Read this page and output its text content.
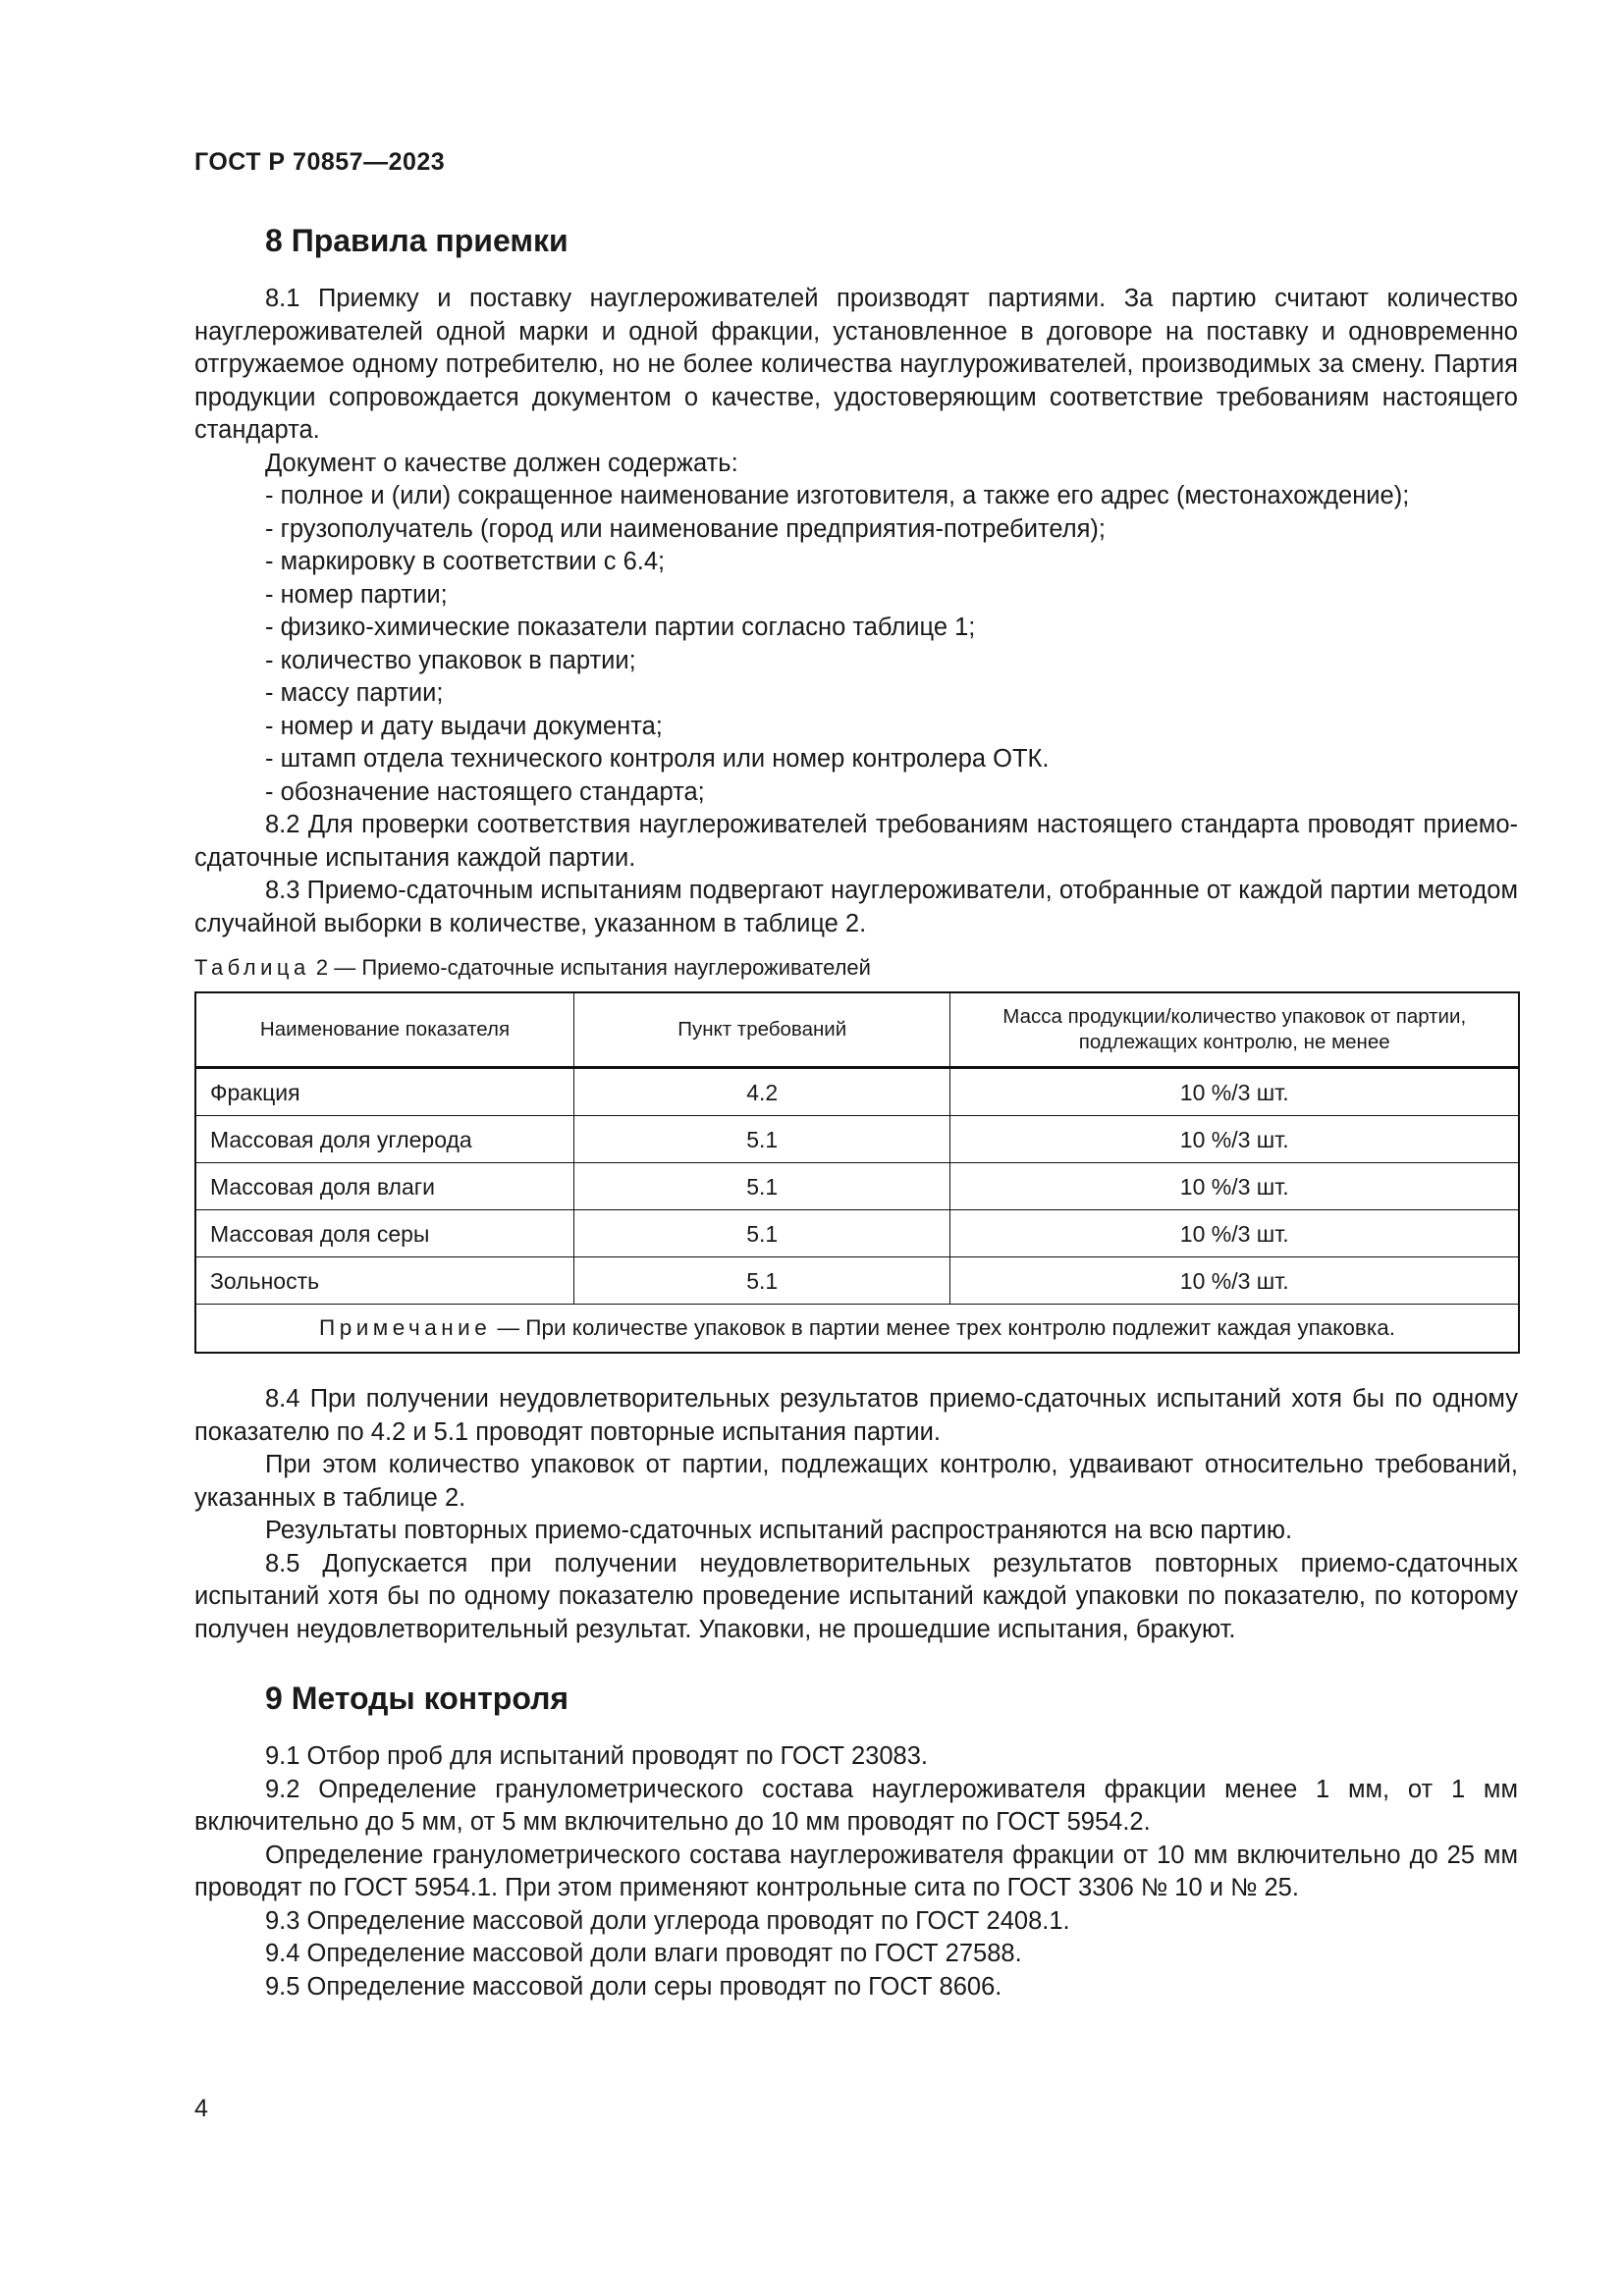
ГОСТ Р 70857—2023
8 Правила приемки

8.1 Приемку и поставку науглероживателей производят партиями. За партию считают количество науглероживателей одной марки и одной фракции, установленное в договоре на поставку и одновременно отгружаемое одному потребителю, но не более количества науглуроживателей, производимых за смену. Партия продукции сопровождается документом о качестве, удостоверяющим соответствие требованиям настоящего стандарта.

Документ о качестве должен содержать:

- полное и (или) сокращенное наименование изготовителя, а также его адрес (местонахождение);

- грузополучатель (город или наименование предприятия-потребителя);

- маркировку в соответствии с 6.4;

- номер партии;

- физико-химические показатели партии согласно таблице 1;

- количество упаковок в партии;

- массу партии;

- номер и дату выдачи документа;

- штамп отдела технического контроля или номер контролера ОТК.

- обозначение настоящего стандарта;

8.2 Для проверки соответствия науглероживателей требованиям настоящего стандарта проводят приемо-сдаточные испытания каждой партии.

8.3 Приемо-сдаточным испытаниям подвергают науглероживатели, отобранные от каждой партии методом случайной выборки в количестве, указанном в таблице 2.

Таблица 2 — Приемо-сдаточные испытания науглероживателей
Наименование показателя	Пункт требований	Масса продукции/количество упаковок от партии, подлежащих контролю, не менее
Фракция	4.2	10 %/3 шт.
Массовая доля углерода	5.1	10 %/3 шт.
Массовая доля влаги	5.1	10 %/3 шт.
Массовая доля серы	5.1	10 %/3 шт.
Зольность	5.1	10 %/3 шт.
Примечание — При количестве упаковок в партии менее трех контролю подлежит каждая упаковка.		

8.4 При получении неудовлетворительных результатов приемо-сдаточных испытаний хотя бы по одному показателю по 4.2 и 5.1 проводят повторные испытания партии.

При этом количество упаковок от партии, подлежащих контролю, удваивают относительно требований, указанных в таблице 2.

Результаты повторных приемо-сдаточных испытаний распространяются на всю партию.

8.5 Допускается при получении неудовлетворительных результатов повторных приемо-сдаточных испытаний хотя бы по одному показателю проведение испытаний каждой упаковки по показателю, по которому получен неудовлетворительный результат. Упаковки, не прошедшие испытания, бракуют.

9 Методы контроля

9.1 Отбор проб для испытаний проводят по ГОСТ 23083.

9.2 Определение гранулометрического состава науглероживателя фракции менее 1 мм, от 1 мм включительно до 5 мм, от 5 мм включительно до 10 мм проводят по ГОСТ 5954.2.

Определение гранулометрического состава науглероживателя фракции от 10 мм включительно до 25 мм проводят по ГОСТ 5954.1. При этом применяют контрольные сита по ГОСТ 3306 № 10 и № 25.

9.3 Определение массовой доли углерода проводят по ГОСТ 2408.1.

9.4 Определение массовой доли влаги проводят по ГОСТ 27588.

9.5 Определение массовой доли серы проводят по ГОСТ 8606.

4
